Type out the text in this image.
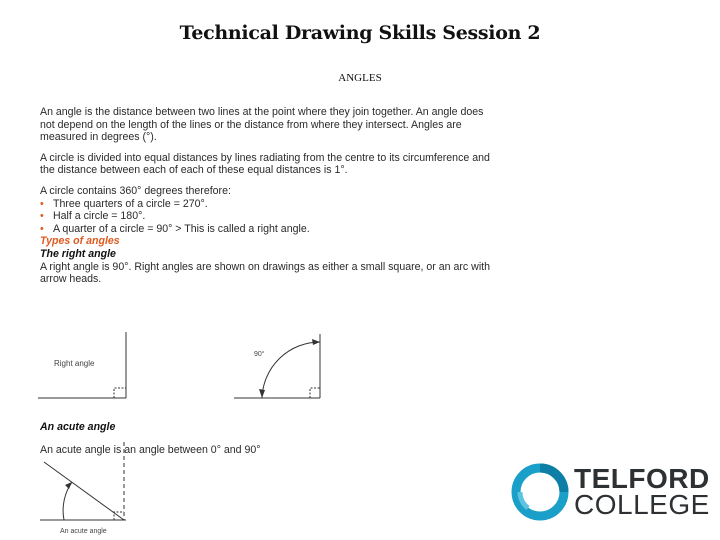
Technical Drawing Skills Session 2
ANGLES

An angle is the distance between two lines at the point where they join together. An angle does not depend on the length of the lines or the distance from where they intersect. Angles are measured in degrees (°).

A circle is divided into equal distances by lines radiating from the centre to its circumference and the distance between each of each of these equal distances is 1°.

A circle contains 360° degrees therefore:

• Three quarters of a circle = 270°.
• Half a circle = 180°.
• A quarter of a circle = 90° > This is called a right angle.

Types of angles

The right angle

A right angle is 90°. Right angles are shown on drawings as either a small square, or an arc with arrow heads.

Right angle
90°

An acute angle

An acute angle is an angle between 0° and 90°

An acute angle
TELFORD
COLLEGE
